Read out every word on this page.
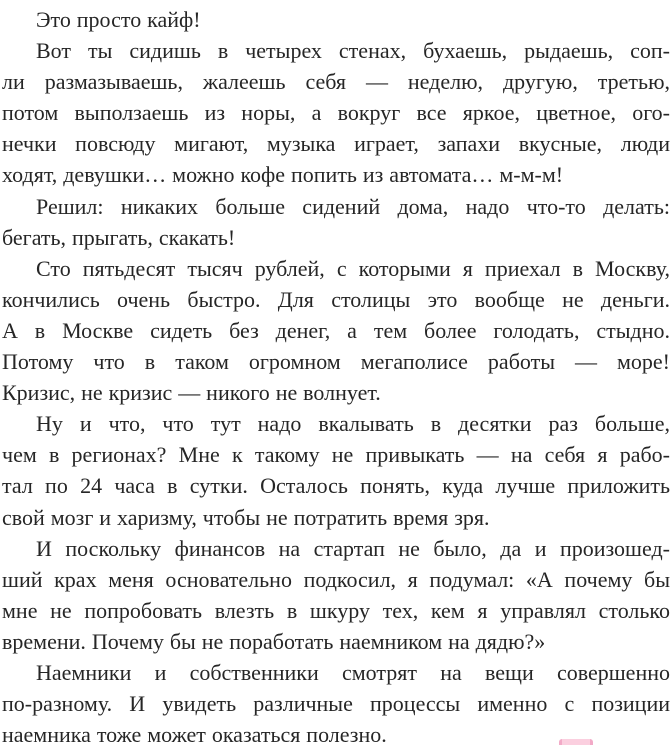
Это просто кайф!

Вот ты сидишь в четырех стенах, бухаешь, рыдаешь, соп-
ли размазываешь, жалеешь себя — неделю, другую, третью,
потом выползаешь из норы, а вокруг все яркое, цветное, ого-
нечки повсюду мигают, музыка играет, запахи вкусные, люди
ходят, девушки… можно кофе попить из автомата… м-м-м!

Решил: никаких больше сидений дома, надо что-то делать:
бегать, прыгать, скакать!

Сто пятьдесят тысяч рублей, с которыми я приехал в Москву,
кончились очень быстро. Для столицы это вообще не деньги.
А в Москве сидеть без денег, а тем более голодать, стыдно.
Потому что в таком огромном мегаполисе работы — море!
Кризис, не кризис — никого не волнует.

Ну и что, что тут надо вкалывать в десятки раз больше,
чем в регионах? Мне к такому не привыкать — на себя я рабо-
тал по 24 часа в сутки. Осталось понять, куда лучше приложить
свой мозг и харизму, чтобы не потратить время зря.

И поскольку финансов на стартап не было, да и произошед-
ший крах меня основательно подкосил, я подумал: «А почему бы
мне не попробовать влезть в шкуру тех, кем я управлял столько
времени. Почему бы не поработать наемником на дядю?»

Наемники и собственники смотрят на вещи совершенно
по-разному. И увидеть различные процессы именно с позиции
наемника тоже может оказаться полезно.
